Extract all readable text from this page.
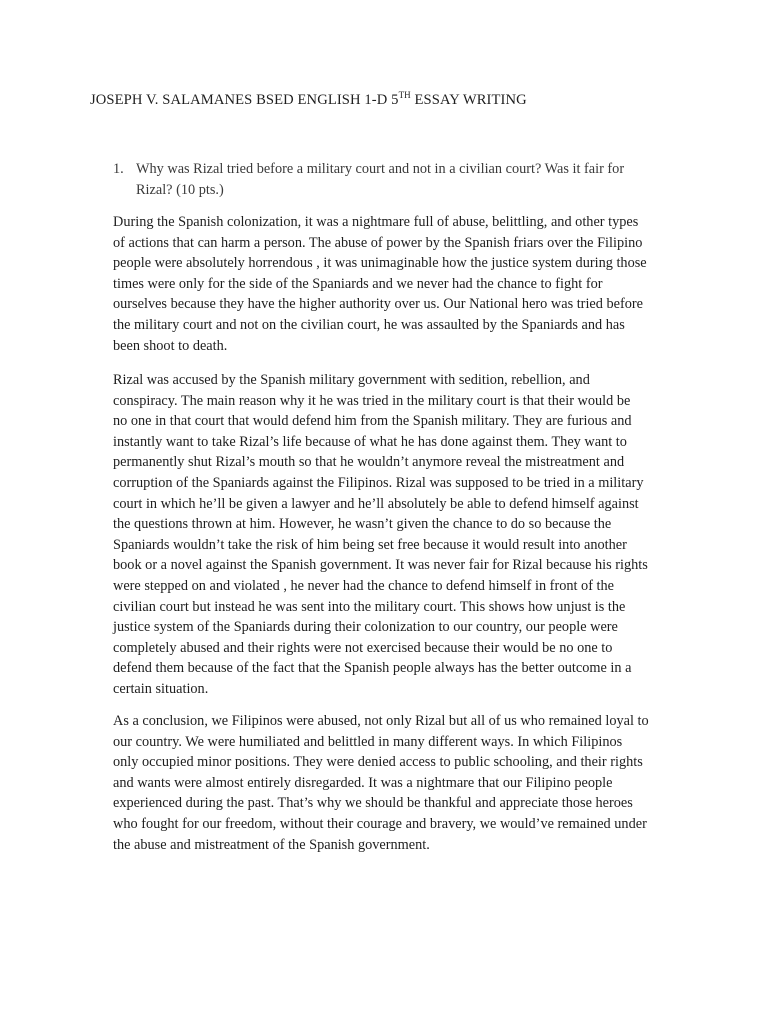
JOSEPH V. SALAMANES BSED ENGLISH 1-D 5TH ESSAY WRITING
1. Why was Rizal tried before a military court and not in a civilian court? Was it fair for
Rizal? (10 pts.)
During the Spanish colonization, it was a nightmare full of abuse, belittling, and other types
of actions that can harm a person. The abuse of power by the Spanish friars over the Filipino
people were absolutely horrendous , it was unimaginable how the justice system during those
times were only for the side of the Spaniards and we never had the chance to fight for
ourselves because they have the higher authority over us. Our National hero was tried before
the military court and not on the civilian court, he was assaulted by the Spaniards and has
been shoot to death.
Rizal was accused by the Spanish military government with sedition, rebellion, and
conspiracy. The main reason why it he was tried in the military court is that their would be
no one in that court that would defend him from the Spanish military. They are furious and
instantly want to take Rizal’s life because of what he has done against them. They want to
permanently shut Rizal’s mouth so that he wouldn’t anymore reveal the mistreatment and
corruption of the Spaniards against the Filipinos. Rizal was supposed to be tried in a military
court in which he’ll be given a lawyer and he’ll absolutely be able to defend himself against
the questions thrown at him. However, he wasn’t given the chance to do so because the
Spaniards wouldn’t take the risk of him being set free because it would result into another
book or a novel against the Spanish government. It was never fair for Rizal because his rights
were stepped on and violated , he never had the chance to defend himself in front of the
civilian court but instead he was sent into the military court. This shows how unjust is the
justice system of the Spaniards during their colonization to our country, our people were
completely abused and their rights were not exercised because their would be no one to
defend them because of the fact that the Spanish people always has the better outcome in a
certain situation.
As a conclusion, we Filipinos were abused, not only Rizal but all of us who remained loyal to
our country. We were humiliated and belittled in many different ways. In which Filipinos
only occupied minor positions. They were denied access to public schooling, and their rights
and wants were almost entirely disregarded. It was a nightmare that our Filipino people
experienced during the past. That’s why we should be thankful and appreciate those heroes
who fought for our freedom, without their courage and bravery, we would’ve remained under
the abuse and mistreatment of the Spanish government.
